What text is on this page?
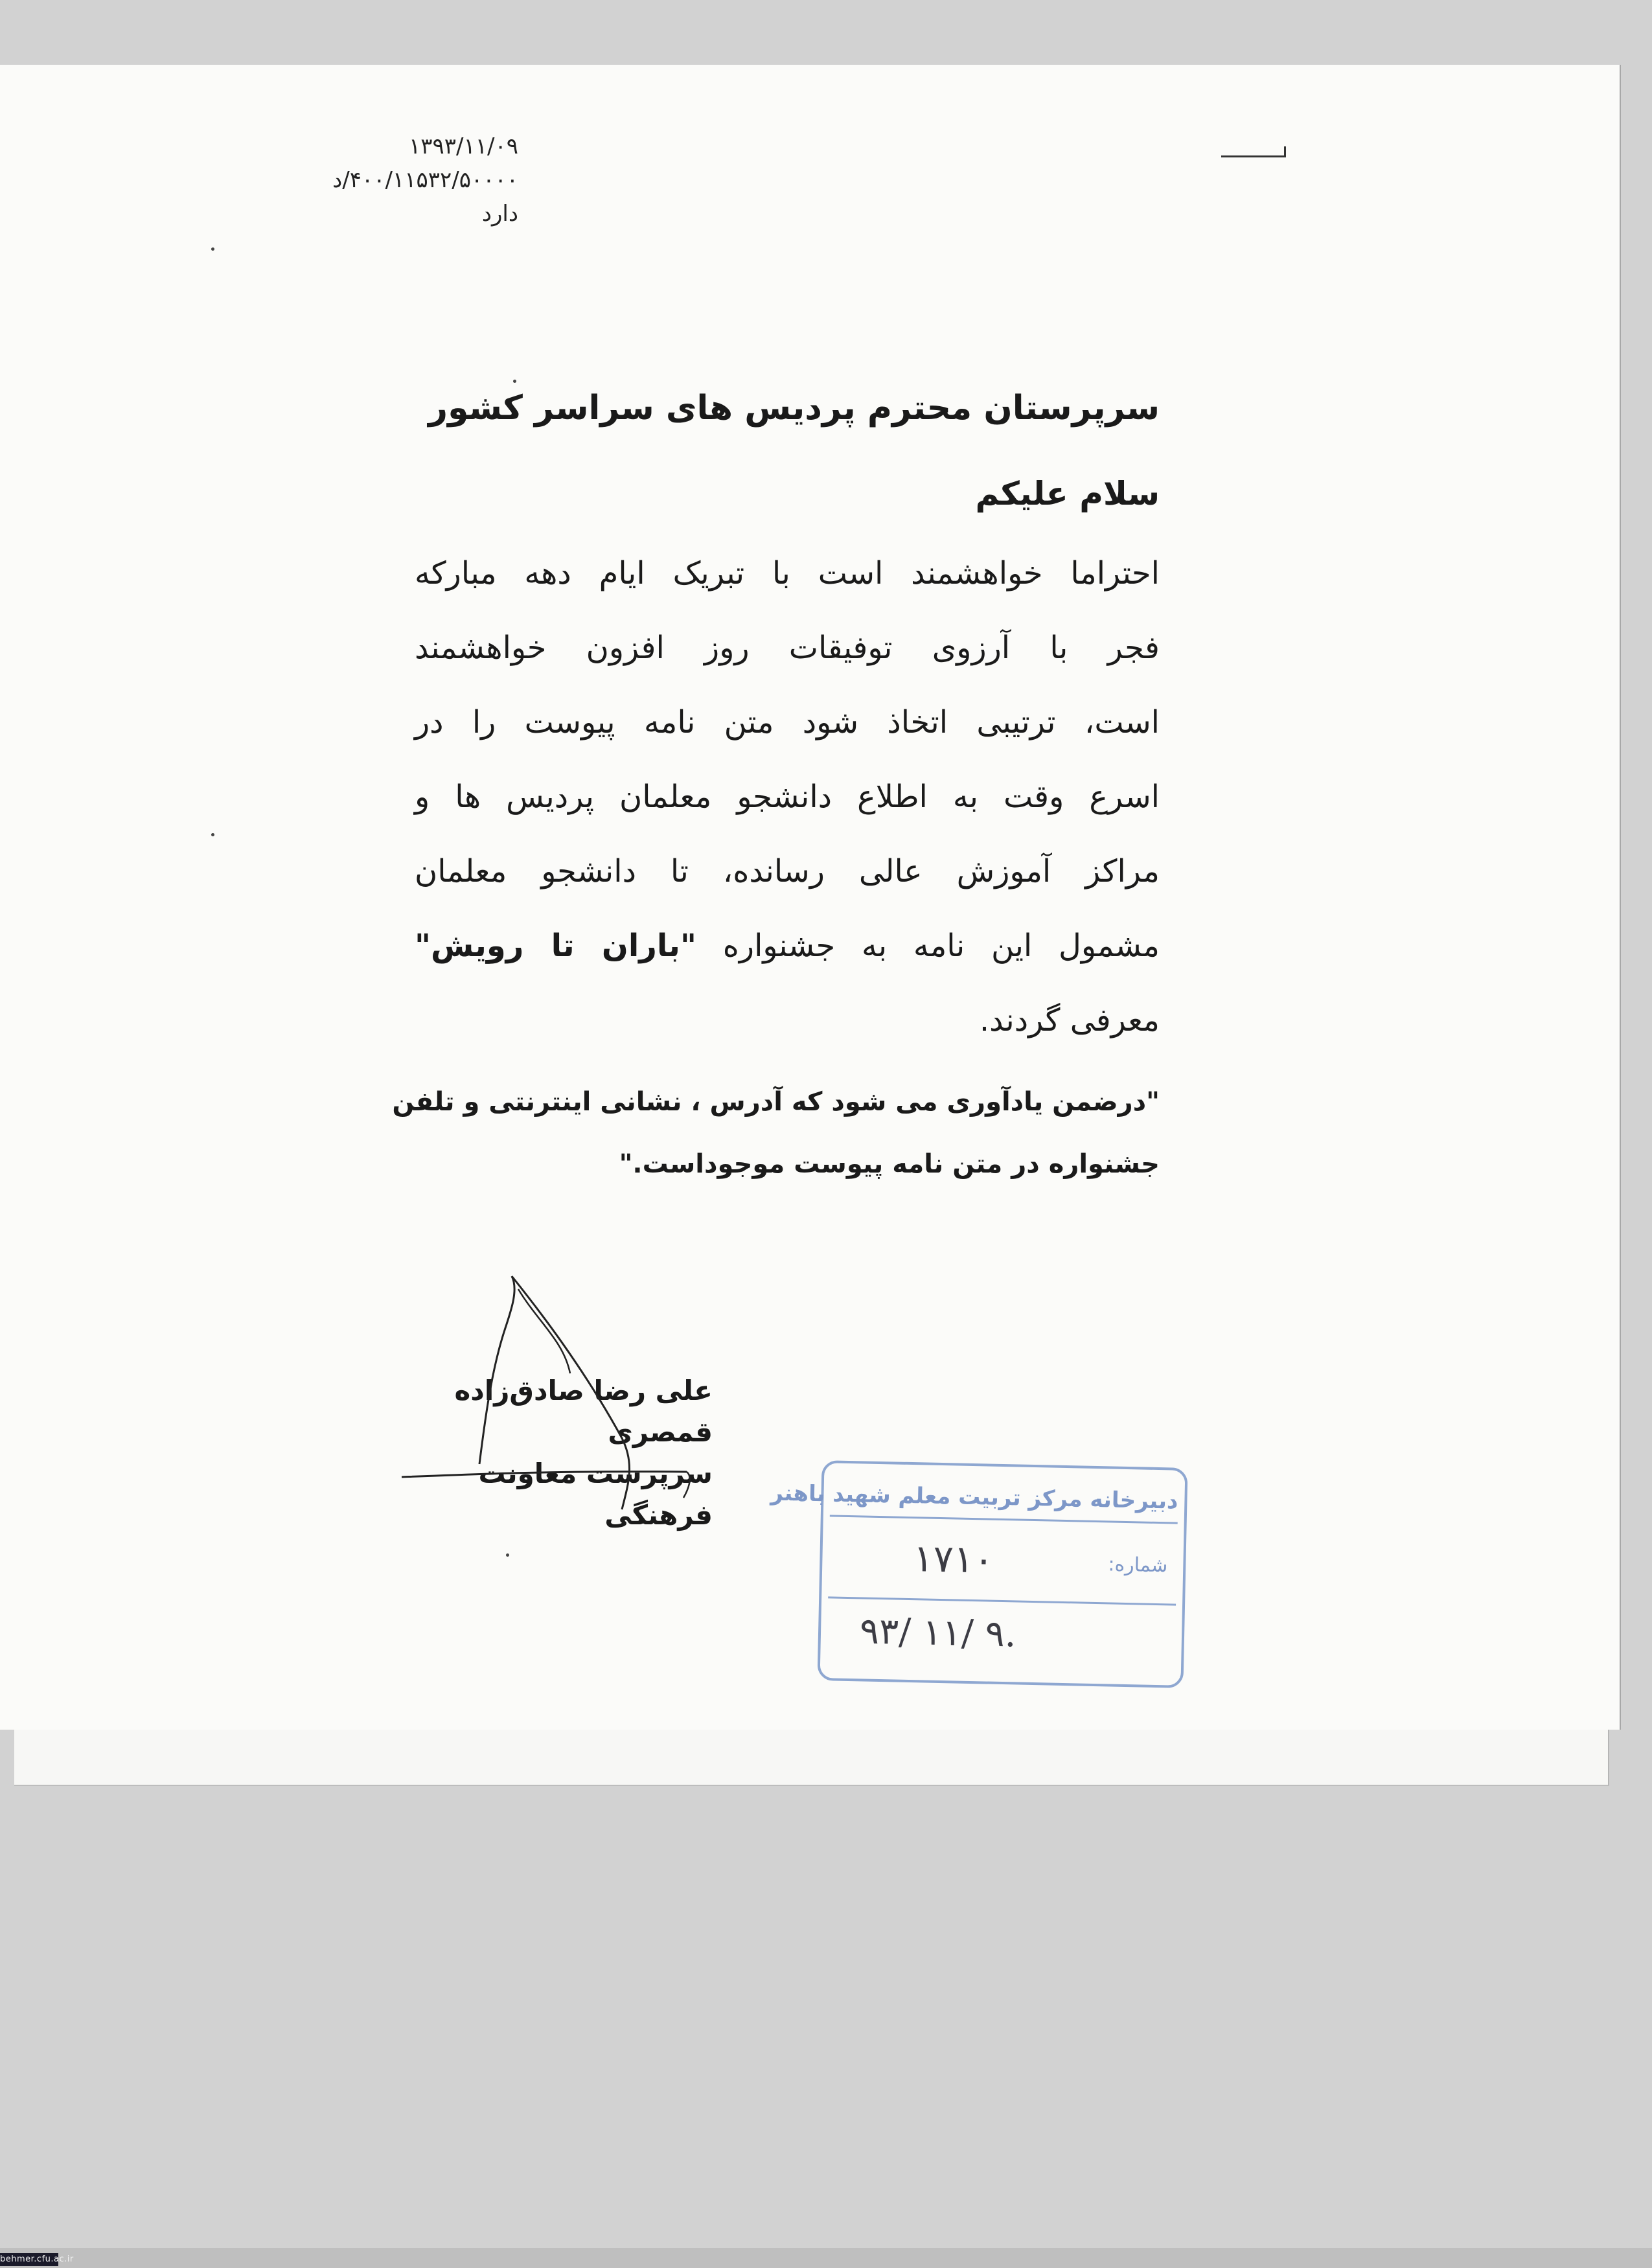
۱۳۹۳/۱۱/۰۹
۴۰۰/۱۱۵۳۲/۵۰۰۰۰/د
دارد
سرپرستان محترم پردیس های سراسر کشور
سلام علیکم
احتراما خواهشمند است با تبریک ایام دهه مبارکه
فجر با آرزوی توفیقات روز افزون خواهشمند
است، ترتیبی اتخاذ شود متن نامه پیوست را در
اسرع وقت به اطلاع دانشجو معلمان پردیس ها و
مراکز آموزش عالی رسانده، تا دانشجو معلمان
مشمول این نامه به جشنواره "باران تا رویش"
معرفی گردند.
"درضمن یادآوری می شود که آدرس ، نشانی اینترنتی و تلفن
جشنواره در متن نامه پیوست موجوداست."
علی رضا صادق‌زاده قمصری
سرپرست معاونت فرهنگی
دبیرخانه مرکز تربیت معلم شهید باهنر
شماره:
۱۷۱۰
۹۳/ ۱۱/ ۹.
behmer.cfu.ac.ir
